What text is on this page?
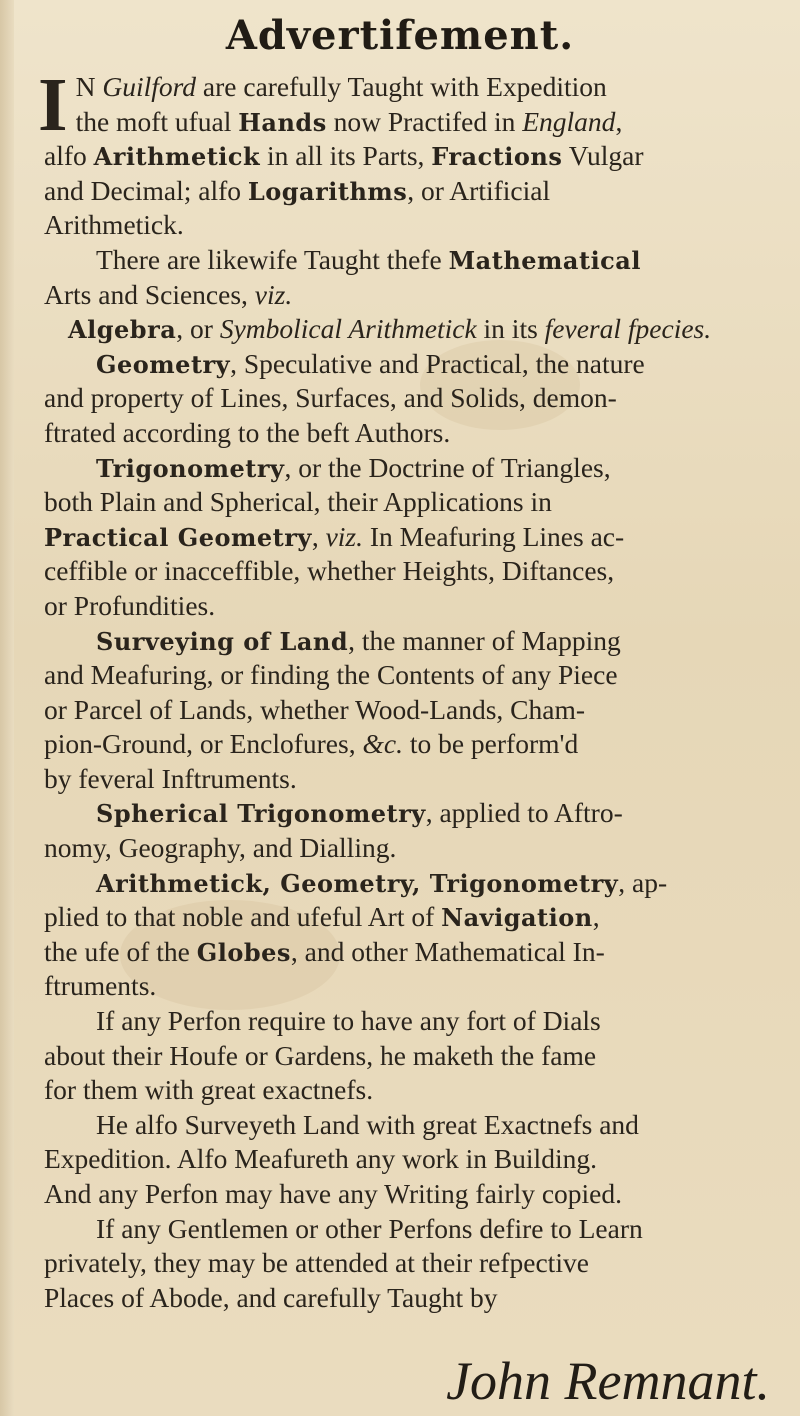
Advertifement.
I N Guilford are carefully Taught with Expedition
the moft ufual Hands now Practifed in England,
alfo Arithmetick in all its Parts, Fractions Vulgar
and Decimal; alfo Logarithms, or Artificial
Arithmetick.
There are likewife Taught thefe Mathematical
Arts and Sciences, viz.
Algebra, or Symbolical Arithmetick in its feveral fpecies.
Geometry, Speculative and Practical, the nature
and property of Lines, Surfaces, and Solids, demon-
ftrated according to the beft Authors.
Trigonometry, or the Doctrine of Triangles,
both Plain and Spherical, their Applications in
Practical Geometry, viz. In Meafuring Lines ac-
ceffible or inacceffible, whether Heights, Diftances,
or Profundities.
Surveying of Land, the manner of Mapping
and Meafuring, or finding the Contents of any Piece
or Parcel of Lands, whether Wood-Lands, Cham-
pion-Ground, or Enclofures, &c. to be perform'd
by feveral Inftruments.
Spherical Trigonometry, applied to Aftro-
nomy, Geography, and Dialling.
Arithmetick, Geometry, Trigonometry, ap-
plied to that noble and ufeful Art of Navigation,
the ufe of the Globes, and other Mathematical In-
ftruments.
If any Perfon require to have any fort of Dials
about their Houfe or Gardens, he maketh the fame
for them with great exactnefs.
He alfo Surveyeth Land with great Exactnefs and
Expedition. Alfo Meafureth any work in Building.
And any Perfon may have any Writing fairly copied.
If any Gentlemen or other Perfons defire to Learn
privately, they may be attended at their refpective
Places of Abode, and carefully Taught by
John Remnant.
